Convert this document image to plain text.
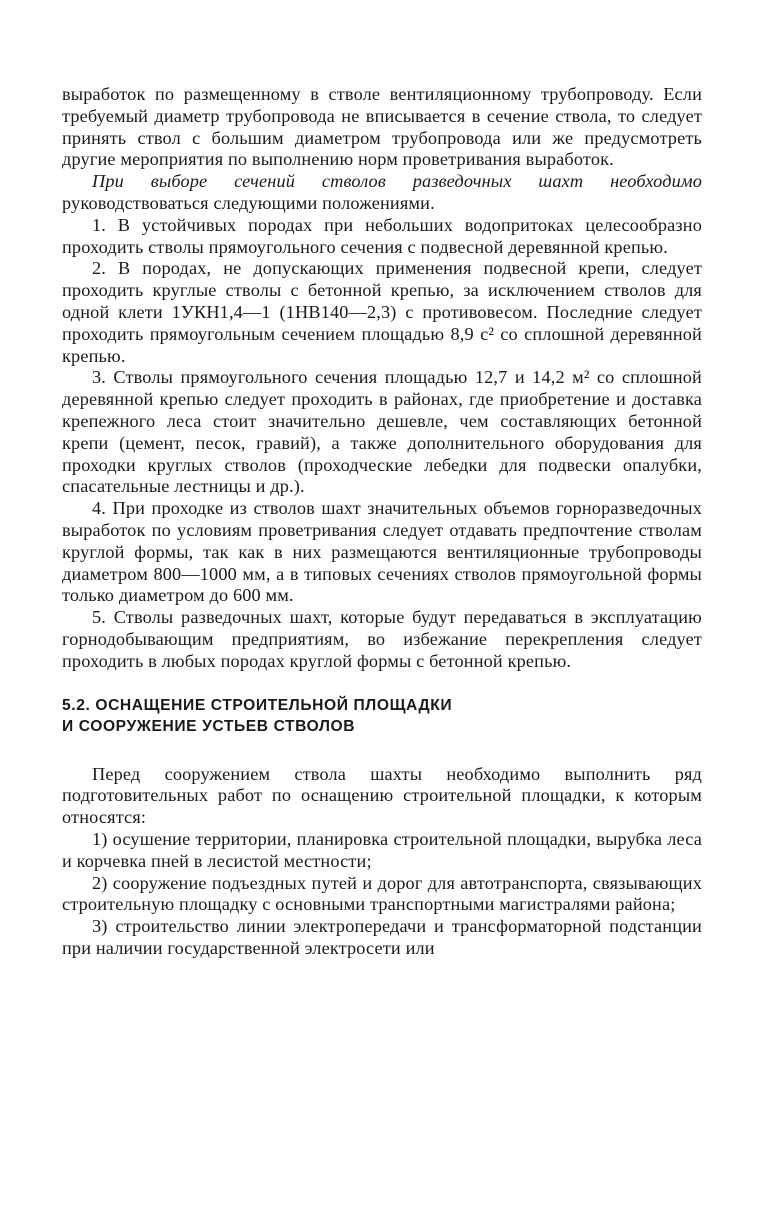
выработок по размещенному в стволе вентиляционному трубопроводу. Если требуемый диаметр трубопровода не вписывается в сечение ствола, то следует принять ствол с большим диаметром трубопровода или же предусмотреть другие мероприятия по выполнению норм проветривания выработок.

При выборе сечений стволов разведочных шахт необходимо руководствоваться следующими положениями.

1. В устойчивых породах при небольших водопритоках целесообразно проходить стволы прямоугольного сечения с подвесной деревянной крепью.

2. В породах, не допускающих применения подвесной крепи, следует проходить круглые стволы с бетонной крепью, за исключением стволов для одной клети 1УКН1,4—1 (1НВ140—2,3) с противовесом. Последние следует проходить прямоугольным сечением площадью 8,9 с² со сплошной деревянной крепью.

3. Стволы прямоугольного сечения площадью 12,7 и 14,2 м² со сплошной деревянной крепью следует проходить в районах, где приобретение и доставка крепежного леса стоит значительно дешевле, чем составляющих бетонной крепи (цемент, песок, гравий), а также дополнительного оборудования для проходки круглых стволов (проходческие лебедки для подвески опалубки, спасательные лестницы и др.).

4. При проходке из стволов шахт значительных объемов горноразведочных выработок по условиям проветривания следует отдавать предпочтение стволам круглой формы, так как в них размещаются вентиляционные трубопроводы диаметром 800—1000 мм, а в типовых сечениях стволов прямоугольной формы только диаметром до 600 мм.

5. Стволы разведочных шахт, которые будут передаваться в эксплуатацию горнодобывающим предприятиям, во избежание перекрепления следует проходить в любых породах круглой формы с бетонной крепью.

5.2. ОСНАЩЕНИЕ СТРОИТЕЛЬНОЙ ПЛОЩАДКИ
И СООРУЖЕНИЕ УСТЬЕВ СТВОЛОВ

Перед сооружением ствола шахты необходимо выполнить ряд подготовительных работ по оснащению строительной площадки, к которым относятся:

1) осушение территории, планировка строительной площадки, вырубка леса и корчевка пней в лесистой местности;

2) сооружение подъездных путей и дорог для автотранспорта, связывающих строительную площадку с основными транспортными магистралями района;

3) строительство линии электропередачи и трансформаторной подстанции при наличии государственной электросети или
